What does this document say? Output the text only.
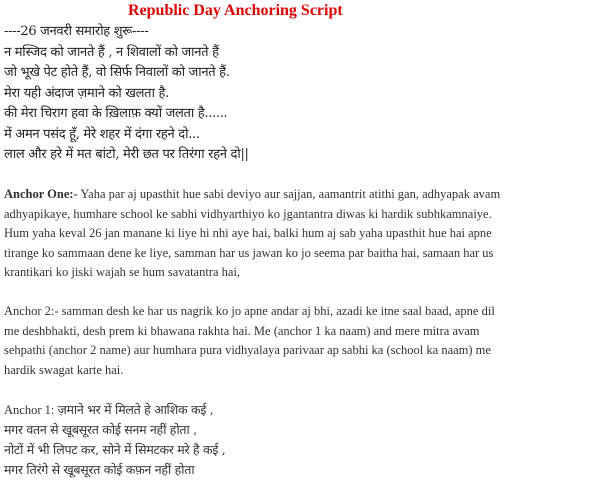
Republic Day Anchoring Script
----26 जनवरी समारोह शुरू----
न मस्जिद को जानते हैं , न शिवालों को जानते हैं
जो भूखे पेट होते हैं, वो सिर्फ निवालों को जानते हैं.
मेरा यही अंदाज ज़माने को खलता है.
की मेरा चिराग हवा के ख़िलाफ़ क्यों जलता है......
में अमन पसंद हूँ, मेरे शहर में दंगा रहने दो...
लाल और हरे में मत बांटो, मेरी छत पर तिरंगा रहने दो||
Anchor One:- Yaha par aj upasthit hue sabi deviyo aur sajjan, aamantrit atithi gan, adhyapak avam
adhyapikaye, humhare school ke sabhi vidhyarthiyo ko jgantantra diwas ki hardik subhkamnaiye.
Hum yaha keval 26 jan manane ki liye hi nhi aye hai, balki hum aj sab yaha upasthit hue hai apne
tirange ko sammaan dene ke liye, samman har us jawan ko jo seema par baitha hai, samaan har us
krantikari ko jiski wajah se hum savatantra hai,
Anchor 2:- samman desh ke har us nagrik ko jo apne andar aj bhi, azadi ke itne saal baad, apne dil
me deshbhakti, desh prem ki bhawana rakhta hai. Me (anchor 1 ka naam) and mere mitra avam
sehpathi (anchor 2 name) aur humhara pura vidhyalaya parivaar ap sabhi ka (school ka naam) me
hardik swagat karte hai.
Anchor 1: ज़माने भर में मिलते हे आशिक कई ,
मगर वतन से खूबसूरत कोई सनम नहीं होता ,
नोटों में भी लिपट कर, सोने में सिमटकर मरे है कई ,
मगर तिरंगे से खूबसूरत कोई कफ़न नहीं होता
